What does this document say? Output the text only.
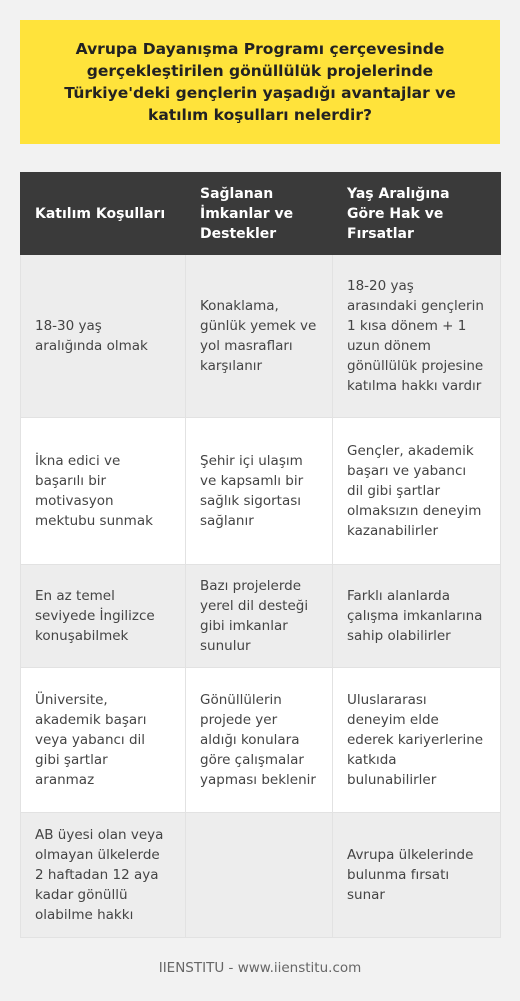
Avrupa Dayanışma Programı çerçevesinde gerçekleştirilen gönüllülük projelerinde Türkiye'deki gençlerin yaşadığı avantajlar ve katılım koşulları nelerdir?
Katılım Koşulları	Sağlanan İmkanlar ve Destekler	Yaş Aralığına Göre Hak ve Fırsatlar
18-30 yaş aralığında olmak	Konaklama, günlük yemek ve yol masrafları karşılanır	18-20 yaş arasındaki gençlerin 1 kısa dönem + 1 uzun dönem gönüllülük projesine katılma hakkı vardır
İkna edici ve başarılı bir motivasyon mektubu sunmak	Şehir içi ulaşım ve kapsamlı bir sağlık sigortası sağlanır	Gençler, akademik başarı ve yabancı dil gibi şartlar olmaksızın deneyim kazanabilirler
En az temel seviyede İngilizce konuşabilmek	Bazı projelerde yerel dil desteği gibi imkanlar sunulur	Farklı alanlarda çalışma imkanlarına sahip olabilirler
Üniversite, akademik başarı veya yabancı dil gibi şartlar aranmaz	Gönüllülerin projede yer aldığı konulara göre çalışmalar yapması beklenir	Uluslararası deneyim elde ederek kariyerlerine katkıda bulunabilirler
AB üyesi olan veya olmayan ülkelerde 2 haftadan 12 aya kadar gönüllü olabilme hakkı		Avrupa ülkelerinde bulunma fırsatı sunar
IIENSTITU - www.iienstitu.com
